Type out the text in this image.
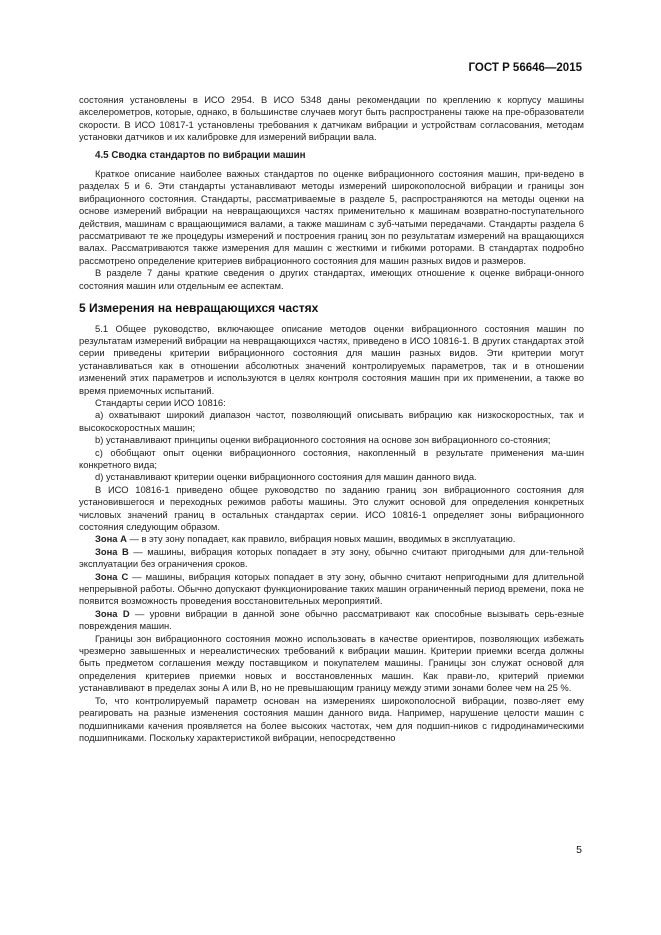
ГОСТ Р 56646—2015

состояния установлены в ИСО 2954. В ИСО 5348 даны рекомендации по креплению к корпусу машины акселерометров, которые, однако, в большинстве случаев могут быть распространены также на пре-образователи скорости. В ИСО 10817-1 установлены требования к датчикам вибрации и устройствам согласования, методам установки датчиков и их калибровке для измерений вибрации вала.

4.5 Сводка стандартов по вибрации машин

Краткое описание наиболее важных стандартов по оценке вибрационного состояния машин, при-ведено в разделах 5 и 6. Эти стандарты устанавливают методы измерений широкополосной вибрации и границы зон вибрационного состояния. Стандарты, рассматриваемые в разделе 5, распространяются на методы оценки на основе измерений вибрации на невращающихся частях применительно к машинам возвратно-поступательного действия, машинам с вращающимися валами, а также машинам с зуб-чатыми передачами. Стандарты раздела 6 рассматривают те же процедуры измерений и построения границ зон по результатам измерений на вращающихся валах. Рассматриваются также измерения для машин с жесткими и гибкими роторами. В стандартах подробно рассмотрено определение критериев вибрационного состояния для машин разных видов и размеров.

В разделе 7 даны краткие сведения о других стандартах, имеющих отношение к оценке вибраци-онного состояния машин или отдельным ее аспектам.

5 Измерения на невращающихся частях

5.1 Общее руководство, включающее описание методов оценки вибрационного состояния машин по результатам измерений вибрации на невращающихся частях, приведено в ИСО 10816-1. В других стандартах этой серии приведены критерии вибрационного состояния для машин разных видов. Эти критерии могут устанавливаться как в отношении абсолютных значений контролируемых параметров, так и в отношении изменений этих параметров и используются в целях контроля состояния машин при их применении, а также во время приемочных испытаний.

Стандарты серии ИСО 10816:

а) охватывают широкий диапазон частот, позволяющий описывать вибрацию как низкоскоростных, так и высокоскоростных машин;

b) устанавливают принципы оценки вибрационного состояния на основе зон вибрационного со-стояния;

с) обобщают опыт оценки вибрационного состояния, накопленный в результате применения ма-шин конкретного вида;

d) устанавливают критерии оценки вибрационного состояния для машин данного вида.

В ИСО 10816-1 приведено общее руководство по заданию границ зон вибрационного состояния для установившегося и переходных режимов работы машины. Это служит основой для определения конкретных числовых значений границ в остальных стандартах серии. ИСО 10816-1 определяет зоны вибрационного состояния следующим образом.

Зона А — в эту зону попадает, как правило, вибрация новых машин, вводимых в эксплуатацию.

Зона В — машины, вибрация которых попадает в эту зону, обычно считают пригодными для дли-тельной эксплуатации без ограничения сроков.

Зона С — машины, вибрация которых попадает в эту зону, обычно считают непригодными для длительной непрерывной работы. Обычно допускают функционирование таких машин ограниченный период времени, пока не появится возможность проведения восстановительных мероприятий.

Зона D — уровни вибрации в данной зоне обычно рассматривают как способные вызывать серь-езные повреждения машин.

Границы зон вибрационного состояния можно использовать в качестве ориентиров, позволяющих избежать чрезмерно завышенных и нереалистических требований к вибрации машин. Критерии приемки всегда должны быть предметом соглашения между поставщиком и покупателем машины. Границы зон служат основой для определения критериев приемки новых и восстановленных машин. Как прави-ло, критерий приемки устанавливают в пределах зоны А или В, но не превышающим границу между этими зонами более чем на 25 %.

То, что контролируемый параметр основан на измерениях широкополосной вибрации, позво-ляет ему реагировать на разные изменения состояния машин данного вида. Например, нарушение целости машин с подшипниками качения проявляется на более высоких частотах, чем для подшип-ников с гидродинамическими подшипниками. Поскольку характеристикой вибрации, непосредственно

5
